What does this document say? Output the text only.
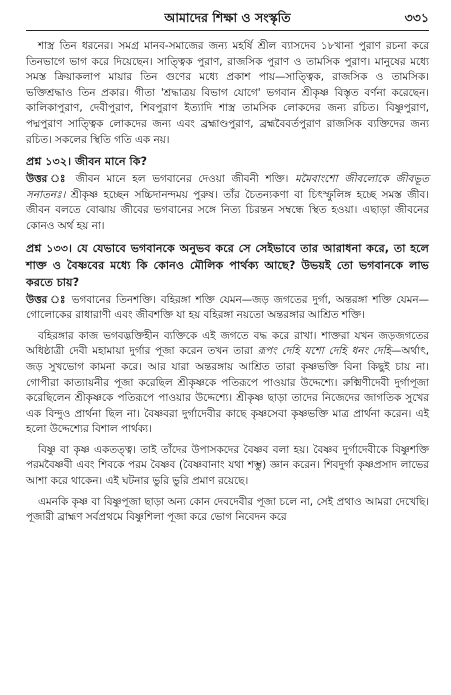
আমাদের শিক্ষা ও সংস্কৃতি	৩৩১

শাস্ত্র তিন ধরনের। সমগ্র মানব-সমাজের জন্য মহর্ষি শ্রীল ব্যাসদেব ১৮খানা পুরাণ রচনা করে তিনভাগে ভাগ করে দিয়েছেন। সাত্ত্বিক পুরাণ, রাজসিক পুরাণ ও তামসিক পুরাণ। মানুষের মধ্যে সমস্ত ক্রিয়াকলাপ মায়ার তিন গুণের মধ্যে প্রকাশ পায়—সাত্ত্বিক, রাজসিক ও তামসিক। ভক্তিশ্রদ্ধাও তিন প্রকার। গীতা 'শ্রদ্ধাত্রয় বিভাগ যোগে' ভগবান শ্রীকৃষ্ণ বিস্তৃত বর্ণনা করেছেন। কালিকাপুরাণ, দেবীপুরাণ, শিবপুরাণ ইত্যাদি শাস্ত্র তামসিক লোকদের জন্য রচিত। বিষ্ণুপুরাণ, পদ্মপুরাণ সাত্ত্বিক লোকদের জন্য এবং ব্রহ্মাণ্ডপুরাণ, ব্রহ্মবৈবর্তপুরাণ রাজসিক ব্যক্তিদের জন্য রচিত। সকলের স্থিতি গতি এক নয়।

প্রশ্ন ১৩২। জীবন মানে কি?

উত্তর ঃ জীবন মানে হল ভগবানের দেওয়া জীবনী শক্তি। মমৈবাংশো জীবলোকে জীবভূত সনাতনঃ। শ্রীকৃষ্ণ হচ্ছেন সচ্চিদানন্দময় পুরুষ। তাঁর চৈতন্যকণা বা চিৎস্ফুলিঙ্গ হচ্ছে সমস্ত জীব। জীবন বলতে বোঝায় জীবের ভগবানের সঙ্গে নিত্য চিরন্তন সম্বন্ধে স্থিত হওয়া। এছাড়া জীবনের কোনও অর্থ হয় না।

প্রশ্ন ১৩৩। যে যেভাবে ভগবানকে অনুভব করে সে সেইভাবে তার আরাধনা করে, তা হলে শাক্ত ও বৈষ্ণবের মধ্যে কি কোনও মৌলিক পার্থক্য আছে? উভয়ই তো ভগবানকে লাভ করতে চায়?

উত্তর ঃ ভগবানের তিনশক্তি। বহিরঙ্গা শক্তি যেমন—জড় জগতের দুর্গা, অন্তরঙ্গা শক্তি যেমন—গোলোকের রাধারাণী এবং জীবশক্তি যা হয় বহিরঙ্গা নয়তো অন্তরঙ্গার আশ্রিত শক্তি।

বহিরঙ্গার কাজ ভগবদ্ভক্তিহীন ব্যক্তিকে এই জগতে বদ্ধ করে রাখা। শাক্তরা যখন জড়জগতের অধিষ্ঠাত্রী দেবী মহামায়া দুর্গার পূজা করেন তখন তারা রূপং দেহি যশো দেহি ধনং দেহি—অর্থাৎ, জড় সুখভোগ কামনা করে। আর যারা অন্তরঙ্গায় আশ্রিত তারা কৃষ্ণভক্তি বিনা কিছুই চায় না। গোপীরা কাত্যায়নীর পূজা করেছিল শ্রীকৃষ্ণকে পতিরূপে পাওয়ার উদ্দেশ্যে। রুক্মিণীদেবী দুর্গাপূজা করেছিলেন শ্রীকৃষ্ণকে পতিরূপে পাওয়ার উদ্দেশ্যে। শ্রীকৃষ্ণ ছাড়া তাদের নিজেদের জাগতিক সুখের এক বিন্দুও প্রার্থনা ছিল না। বৈষ্ণবরা দুর্গাদেবীর কাছে কৃষ্ণসেবা কৃষ্ণভক্তি মাত্র প্রার্থনা করেন। এই হলো উদ্দেশ্যের বিশাল পার্থক্য।

বিষ্ণু বা কৃষ্ণ একতত্ত্ব। তাই তাঁদের উপাসকদের বৈষ্ণব বলা হয়। বৈষ্ণব দুর্গাদেবীকে বিষ্ণুশক্তি পরমবৈষ্ণবী এবং শিবকে পরম বৈষ্ণব (বৈষ্ণবানাং যথা শম্ভু) জ্ঞান করেন। শিবদুর্গা কৃষ্ণপ্রসাদ লাভের আশা করে থাকেন। এই ঘটনার ভুরি ভুরি প্রমাণ রয়েছে।

এমনকি কৃষ্ণ বা বিষ্ণুপূজা ছাড়া অন্য কোন দেবদেবীর পূজা চলে না, সেই প্রথাও আমরা দেখেছি। পূজারী ব্রাহ্মণ সর্বপ্রথমে বিষ্ণুশিলা পূজা করে ভোগ নিবেদন করে
